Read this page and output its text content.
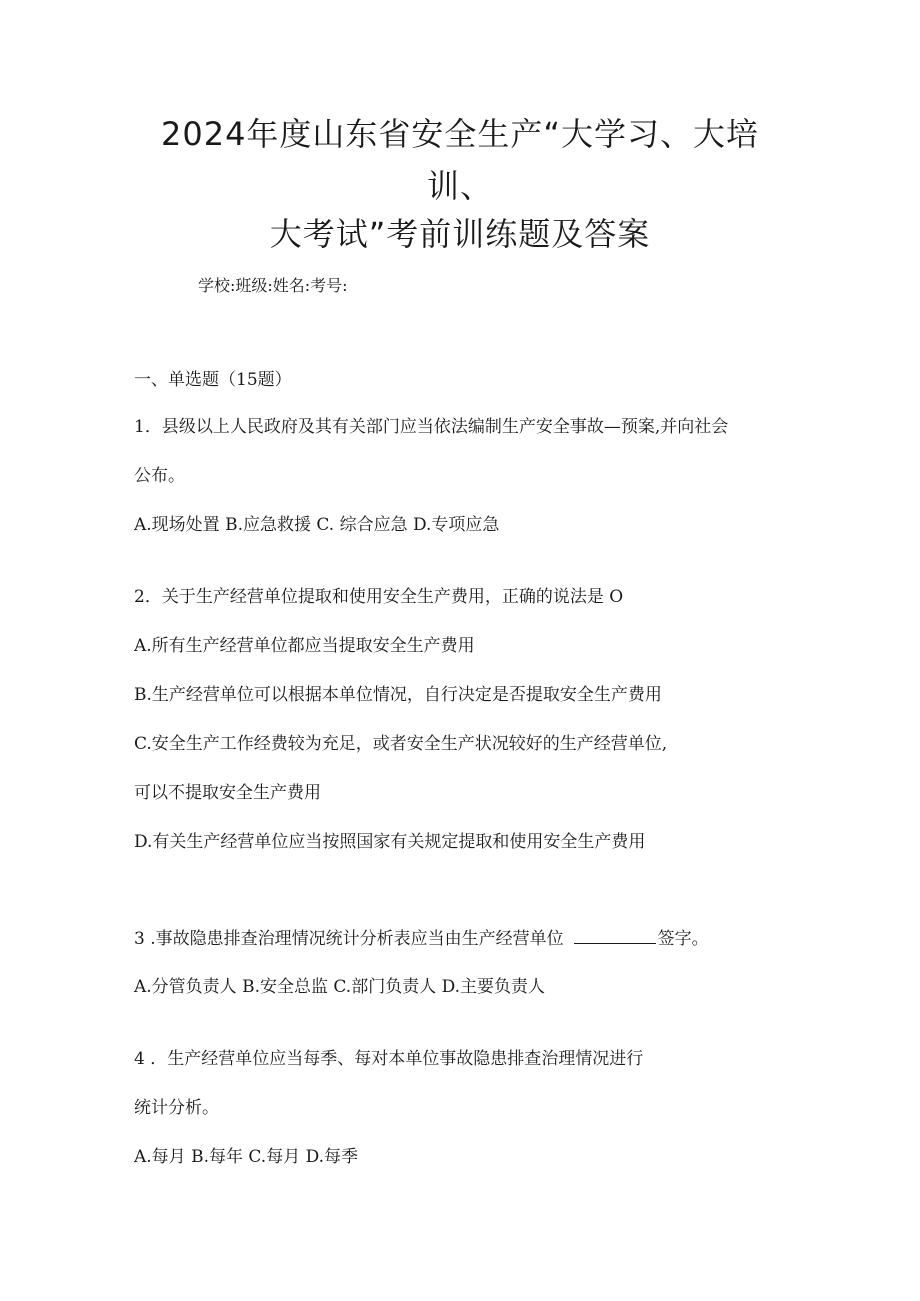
2024年度山东省安全生产“大学习、大培
训、
大考试”考前训练题及答案
学校:班级:姓名:考号:
一、单选题（15题）
1．县级以上人民政府及其有关部门应当依法编制生产安全事故—预案,并向社会
公布。
A.现场处置 B.应急救援 C. 综合应急 D.专项应急
2．关于生产经营单位提取和使用安全生产费用，正确的说法是 O
A.所有生产经营单位都应当提取安全生产费用
B.生产经营单位可以根据本单位情况，自行决定是否提取安全生产费用
C.安全生产工作经费较为充足，或者安全生产状况较好的生产经营单位,
可以不提取安全生产费用
D.有关生产经营单位应当按照国家有关规定提取和使用安全生产费用
3 .事故隐患排查治理情况统计分析表应当由生产经营单位	签字。
A.分管负责人 B.安全总监 C.部门负责人 D.主要负责人
4 ．生产经营单位应当每季、每对本单位事故隐患排查治理情况进行
统计分析。
A.每月 B.每年 C.每月 D.每季
